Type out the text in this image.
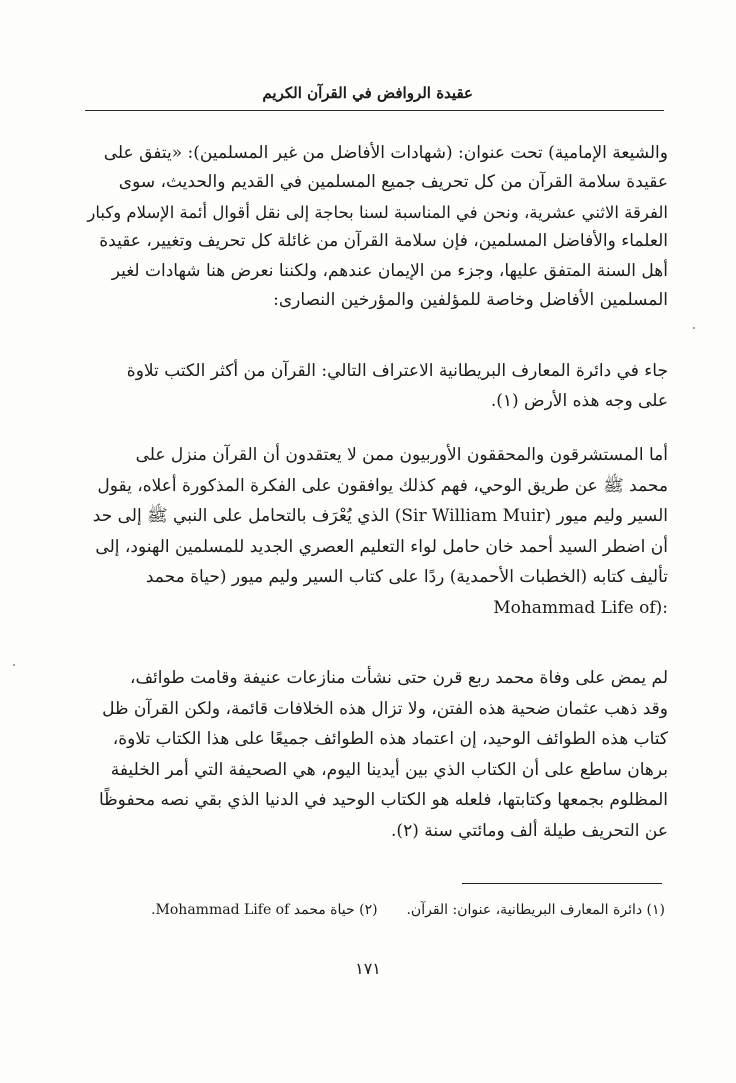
عقيدة الروافض في القرآن الكريم
والشيعة الإمامية) تحت عنوان: (شهادات الأفاضل من غير المسلمين): «يتفق على
عقيدة سلامة القرآن من كل تحريف جميع المسلمين في القديم والحديث، سوى
الفرقة الاثني عشرية، ونحن في المناسبة لسنا بحاجة إلى نقل أقوال أئمة الإسلام وكبار
العلماء والأفاضل المسلمين، فإن سلامة القرآن من غائلة كل تحريف وتغيير، عقيدة
أهل السنة المتفق عليها، وجزء من الإيمان عندهم، ولكننا نعرض هنا شهادات لغير
المسلمين الأفاضل وخاصة للمؤلفين والمؤرخين النصارى:
جاء في دائرة المعارف البريطانية الاعتراف التالي: القرآن من أكثر الكتب تلاوة
على وجه هذه الأرض (١).
أما المستشرقون والمحققون الأوربيون ممن لا يعتقدون أن القرآن منزل على
محمد ﷺ عن طريق الوحي، فهم كذلك يوافقون على الفكرة المذكورة أعلاه، يقول
السير وليم ميور (Sir William Muir) الذي يُعْرَف بالتحامل على النبي ﷺ إلى حد
أن اضطر السيد أحمد خان حامل لواء التعليم العصري الجديد للمسلمين الهنود، إلى
تأليف كتابه (الخطبات الأحمدية) ردًا على كتاب السير وليم ميور (حياة محمد
:(Mohammad Life of
لم يمض على وفاة محمد ربع قرن حتى نشأت منازعات عنيفة وقامت طوائف،
وقد ذهب عثمان ضحية هذه الفتن، ولا تزال هذه الخلافات قائمة، ولكن القرآن ظل
كتاب هذه الطوائف الوحيد، إن اعتماد هذه الطوائف جميعًا على هذا الكتاب تلاوة،
برهان ساطع على أن الكتاب الذي بين أيدينا اليوم، هي الصحيفة التي أمر الخليفة
المظلوم بجمعها وكتابتها، فلعله هو الكتاب الوحيد في الدنيا الذي بقي نصه محفوظًا
عن التحريف طيلة ألف ومائتي سنة (٢).
(١) دائرة المعارف البريطانية، عنوان: القرآن.  (٢) حياة محمد Mohammad Life of.
١٧١
